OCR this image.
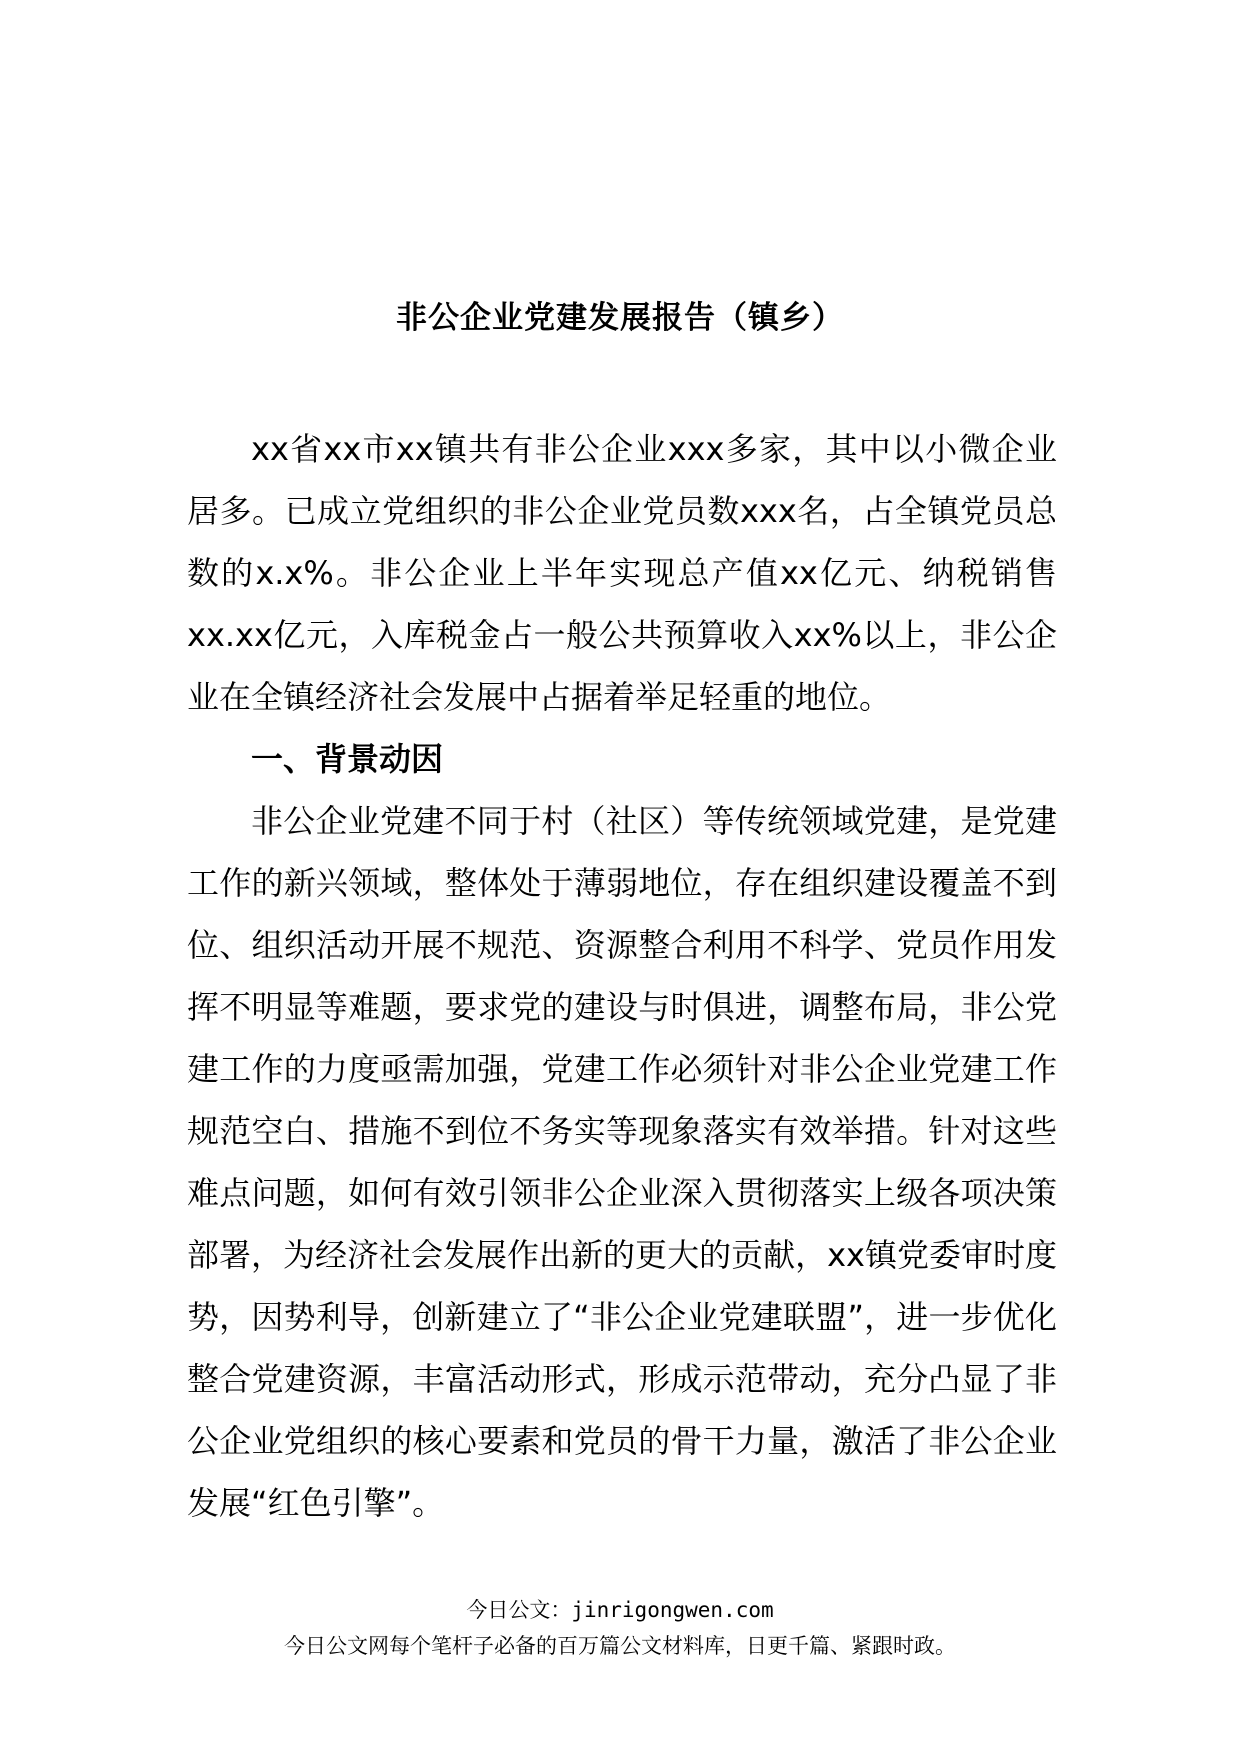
非公企业党建发展报告（镇乡）

xx省xx市xx镇共有非公企业xxx多家，其中以小微企业居多。已成立党组织的非公企业党员数xxx名，占全镇党员总数的x.x%。非公企业上半年实现总产值xx亿元、纳税销售xx.xx亿元，入库税金占一般公共预算收入xx%以上，非公企业在全镇经济社会发展中占据着举足轻重的地位。

一、背景动因

非公企业党建不同于村（社区）等传统领域党建，是党建工作的新兴领域，整体处于薄弱地位，存在组织建设覆盖不到位、组织活动开展不规范、资源整合利用不科学、党员作用发挥不明显等难题，要求党的建设与时俱进，调整布局，非公党建工作的力度亟需加强，党建工作必须针对非公企业党建工作规范空白、措施不到位不务实等现象落实有效举措。针对这些难点问题，如何有效引领非公企业深入贯彻落实上级各项决策部署，为经济社会发展作出新的更大的贡献，xx镇党委审时度势，因势利导，创新建立了“非公企业党建联盟”，进一步优化整合党建资源，丰富活动形式，形成示范带动，充分凸显了非公企业党组织的核心要素和党员的骨干力量，激活了非公企业发展“红色引擎”。

今日公文：jinrigongwen.com
今日公文网每个笔杆子必备的百万篇公文材料库，日更千篇、紧跟时政。
